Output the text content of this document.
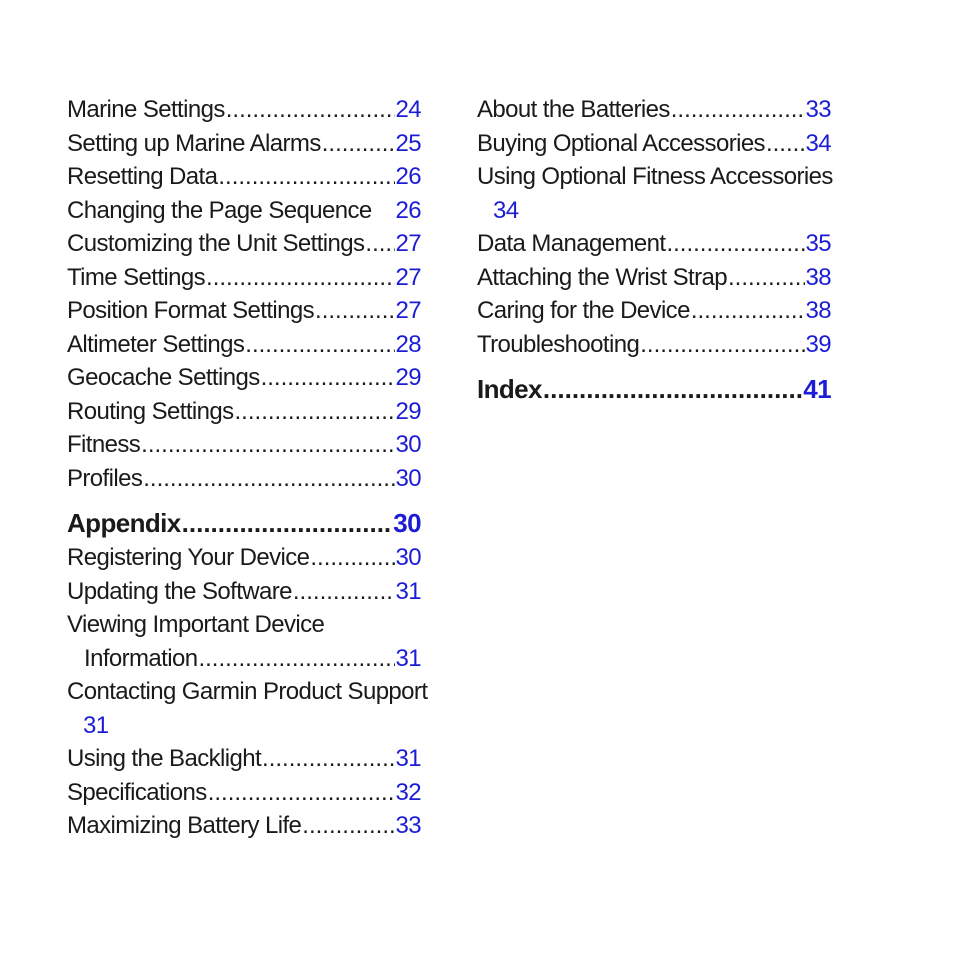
Marine Settings .....	24
Setting up Marine Alarms .....	25
Resetting Data .....	26
Changing the Page Sequence 26
Customizing the Unit Settings ..... 27
Time Settings .....	27
Position Format Settings .....	27
Altimeter Settings .....	28
Geocache Settings .....	29
Routing Settings .....	29
Fitness .....	30
Profiles .....	30
Appendix .....	30
Registering Your Device .....	30
Updating the Software .....	31
Viewing Important Device
Information .....	31
Contacting Garmin Product Support
31
Using the Backlight .....	31
Specifications .....	32
Maximizing Battery Life .....	33
About the Batteries .....	33
Buying Optional Accessories ..... 34
Using Optional Fitness Accessories
34
Data Management .....	35
Attaching the Wrist Strap .....	38
Caring for the Device .....	38
Troubleshooting .....	39
Index .....	41
